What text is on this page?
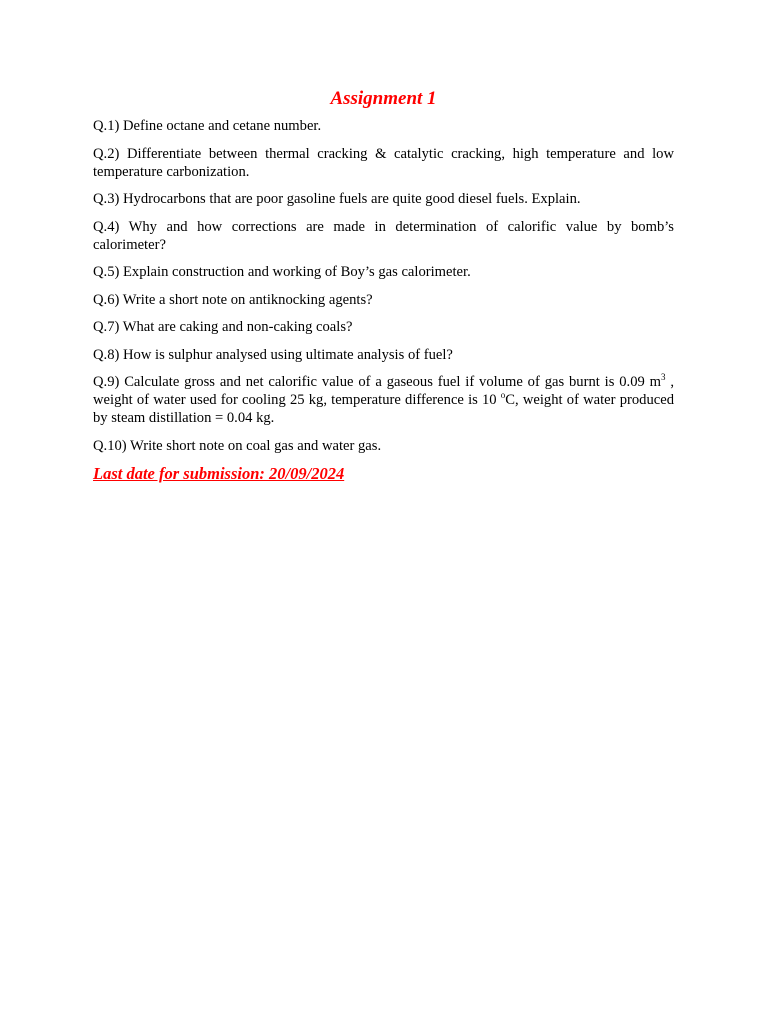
Assignment 1

Q.1) Define octane and cetane number.

Q.2) Differentiate between thermal cracking & catalytic cracking, high temperature and low temperature carbonization.

Q.3) Hydrocarbons that are poor gasoline fuels are quite good diesel fuels. Explain.

Q.4) Why and how corrections are made in determination of calorific value by bomb’s calorimeter?

Q.5) Explain construction and working of Boy’s gas calorimeter.

Q.6) Write a short note on antiknocking agents?

Q.7) What are caking and non-caking coals?

Q.8) How is sulphur analysed using ultimate analysis of fuel?

Q.9) Calculate gross and net calorific value of a gaseous fuel if volume of gas burnt is 0.09 $m^3$ , weight of water used for cooling 25 kg, temperature difference is 10 $^o$C, weight of water produced by steam distillation = 0.04 kg.

Q.10) Write short note on coal gas and water gas.

Last date for submission: 20/09/2024
